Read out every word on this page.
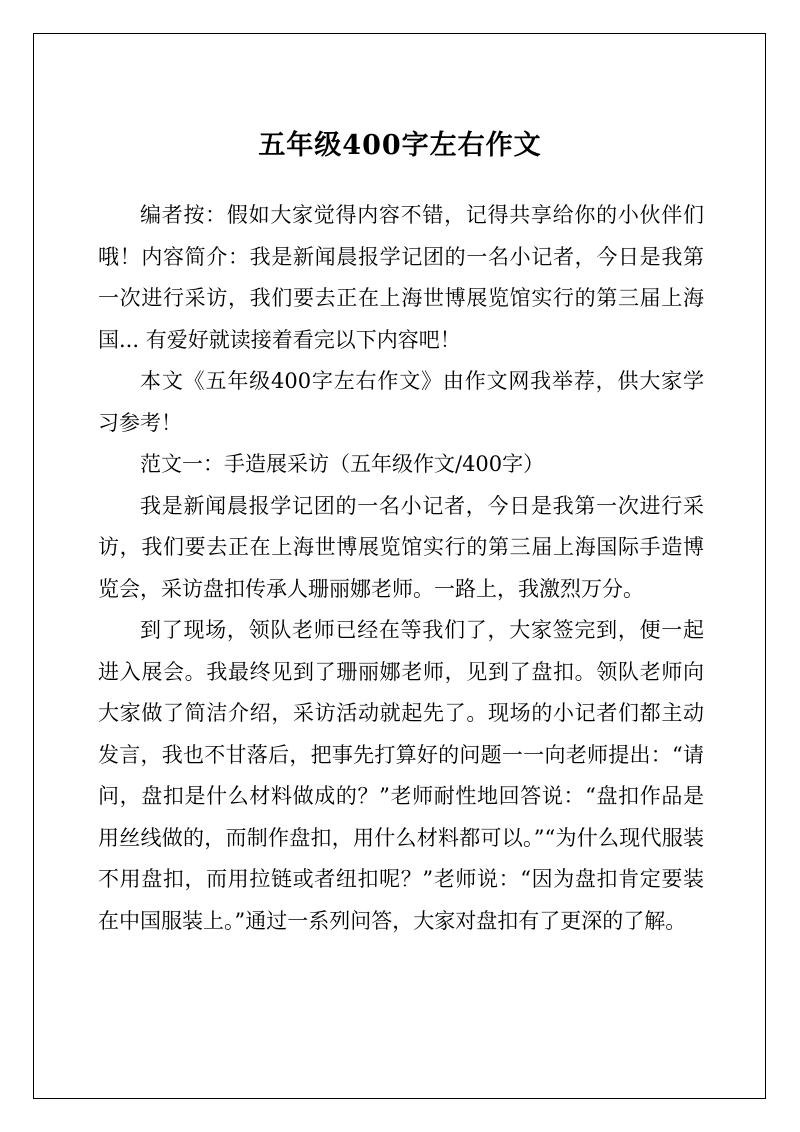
五年级400字左右作文

编者按：假如大家觉得内容不错，记得共享给你的小伙伴们哦！内容简介：我是新闻晨报学记团的一名小记者，今日是我第一次进行采访，我们要去正在上海世博展览馆实行的第三届上海国... 有爱好就读接着看完以下内容吧！

本文《五年级400字左右作文》由作文网我举荐，供大家学习参考！

范文一：手造展采访（五年级作文/400字）

我是新闻晨报学记团的一名小记者，今日是我第一次进行采访，我们要去正在上海世博展览馆实行的第三届上海国际手造博览会，采访盘扣传承人珊丽娜老师。一路上，我激烈万分。

到了现场，领队老师已经在等我们了，大家签完到，便一起进入展会。我最终见到了珊丽娜老师，见到了盘扣。领队老师向大家做了简洁介绍，采访活动就起先了。现场的小记者们都主动发言，我也不甘落后，把事先打算好的问题一一向老师提出：“请问，盘扣是什么材料做成的？”老师耐性地回答说：“盘扣作品是用丝线做的，而制作盘扣，用什么材料都可以。”“为什么现代服装不用盘扣，而用拉链或者纽扣呢？”老师说：“因为盘扣肯定要装在中国服装上。”通过一系列问答，大家对盘扣有了更深的了解。
